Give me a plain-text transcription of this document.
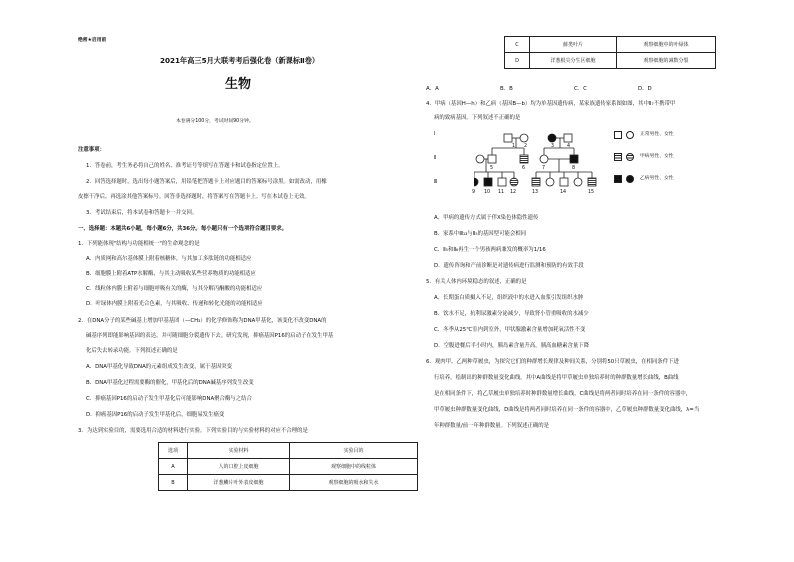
绝密★启用前
2021年高三5月大联考考后强化卷（新课标Ⅱ卷）
生物
本卷满分100分，考试时间90分钟。
注意事项：
1．答卷前，考生务必将自己的姓名、准考证号等填写在答题卡和试卷指定位置上。
2．回答选择题时，选出每小题答案后，用铅笔把答题卡上对应题目的答案标号涂黑。如需改动，用橡
皮擦干净后，再选涂其他答案标号。回答非选择题时，将答案写在答题卡上。写在本试卷上无效。
3．考试结束后，将本试卷和答题卡一并交回。
一、选择题：本题共6小题，每小题6分，共36分。每小题只有一个选项符合题目要求。
1．下列能体现"结构与功能相统一"的生命观念的是
A．内质网和高尔基体膜上附着核糖体，与其加工多肽链的功能相适应
B．细胞膜上附着ATP水解酶，与其主动吸收某些营养物质的功能相适应
C．线粒体内膜上附着与细胞呼吸有关的酶，与其分解丙酮酸的功能相适应
D．叶绿体内膜上附着光合色素，与其吸收、传递和转化光能的功能相适应
2．在DNA分子的某些碱基上增加甲基基团（—CH₃）的化学修饰称为DNA甲基化，该变化不改变DNA的
碱基序列即能影响基因的表达，并可随细胞分裂遗传下去。研究发现，抑癌基因P16的启动子在发生甲基
化后失去转录功能。下列叙述正确的是
A．DNA甲基化导致DNA的元素组成发生改变，属于基因突变
B．DNA甲基化过程需要酶的催化，甲基化后的DNA碱基序列发生改变
C．抑癌基因P16的启动子发生甲基化后可能影响DNA聚合酶与之结合
D．抑癌基因P16的启动子发生甲基化后，细胞易发生癌变
3．为达到实验目的，需要选用合适的材料进行实验。下列实验目的与实验材料的对应不合理的是
选项	实验材料	实验目的
A	人的口腔上皮细胞	观察细胞中的线粒体
B	洋葱鳞片叶外表皮细胞	观察细胞的吸水和失水
C	藓类叶片	观察细胞中的叶绿体
D	洋葱根尖分生区细胞	观察细胞的减数分裂
A．A	B．B	C．C	D．D
4．甲病（基因H—h）和乙病（基因B—b）均为单基因遗传病，某家族遗传家系图如图，其中Ⅱ₇不携带甲
病的致病基因。下列叙述不正确的是
Ⅰ
Ⅱ
Ⅲ
1 2	3	4
5	6	7	8
9 10 11 12	13	14	15
正常男性、女性
甲病男性、女性
乙病男性、女性
A．甲病的遗传方式属于伴X染色体隐性遗传
B．家系中Ⅲ₁₃与Ⅱ₅的基因型可能会相同
C．Ⅱ₅和Ⅱ₆再生一个男孩两病兼发的概率为1/16
D．遗传咨询和产前诊断是对遗传病进行监测和预防的有效手段
5．有关人体内环境稳态的叙述，正确的是
A．长期蛋白质摄入不足，组织液中的水进入血浆引发组织水肿
B．饮水不足，抗利尿激素分泌减少，导致肾小管重吸收的水减少
C．冬季从25℃室内到室外，甲状腺激素含量增加耗氧活性不变
D．空腹进餐后半小时内，胰岛素含量升高，胰高血糖素含量下降
6．观肉甲、乙两种草履虫，为探究它们的种群增长规律及种间关系，分别将50只草履虫，在相同条件下进
行培养，绘制出的种群数量变化曲线。其中A曲线是将甲草履虫单独培养时的种群数量增长曲线，B曲线
是在相同条件下，将乙草履虫单独培养时种群数量增长曲线，C曲线是将两者同时培养在同一条件的容器中，
甲草履虫种群数量变化曲线，D曲线是将两者同时培养在同一条件的容器中，乙草履虫种群数量变化曲线，λ=当
年种群数量/前一年种群数量。下列叙述正确的是
